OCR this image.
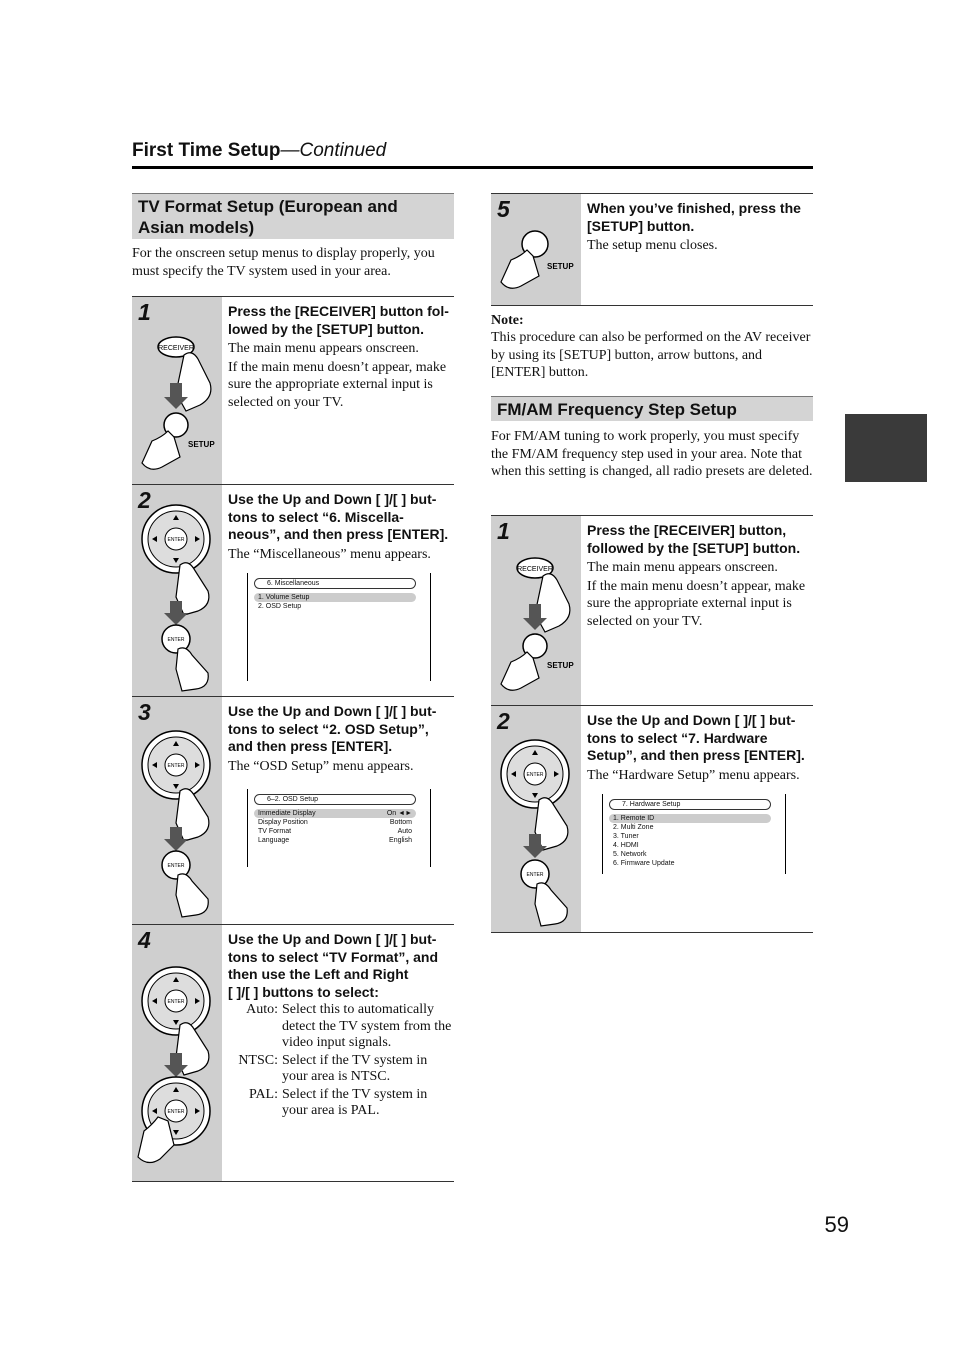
First Time Setup—Continued
TV Format Setup (European and Asian models)
For the onscreen setup menus to display properly, you must specify the TV system used in your area.
RECEIVER
SETUP
1	Press the [RECEIVER] button fol-
lowed by the [SETUP] button.
The main menu appears onscreen.
If the main menu doesn’t appear, make sure the appropriate external input is selected on your TV.
ENTER
ENTER
2	Use the Up and Down [ ]/[ ] but-
tons to select “6. Miscella-
neous”, and then press [ENTER].
The “Miscellaneous” menu appears.
6. Miscellaneous
1. Volume Setup
2. OSD Setup
ENTER
ENTER
3	Use the Up and Down [ ]/[ ] but-
tons to select “2. OSD Setup”,
and then press [ENTER].
The “OSD Setup” menu appears.
6–2. OSD Setup
Immediate Display	On ◄►
Display Position	Bottom
TV Format	Auto
Language	English
ENTER
ENTER
4	Use the Up and Down [ ]/[ ] but-
tons to select “TV Format”, and
then use the Left and Right
[ ]/[ ] buttons to select:
Auto: Select this to automatically detect the TV system from the video input signals.
NTSC: Select if the TV system in your area is NTSC.
PAL: Select if the TV system in your area is PAL.
SETUP
5	When you’ve finished, press the
[SETUP] button.
The setup menu closes.
Note:
This procedure can also be performed on the AV receiver by using its [SETUP] button, arrow buttons, and [ENTER] button.
FM/AM Frequency Step Setup
For FM/AM tuning to work properly, you must specify the FM/AM frequency step used in your area. Note that when this setting is changed, all radio presets are deleted.
RECEIVER
SETUP
1	Press the [RECEIVER] button,
followed by the [SETUP] button.
The main menu appears onscreen.
If the main menu doesn’t appear, make sure the appropriate external input is selected on your TV.
ENTER
ENTER
2	Use the Up and Down [ ]/[ ] but-
tons to select “7. Hardware
Setup”, and then press [ENTER].
The “Hardware Setup” menu appears.
7. Hardware Setup
1. Remote ID
2. Multi Zone
3. Tuner
4. HDMI
5. Network
6. Firmware Update
59
